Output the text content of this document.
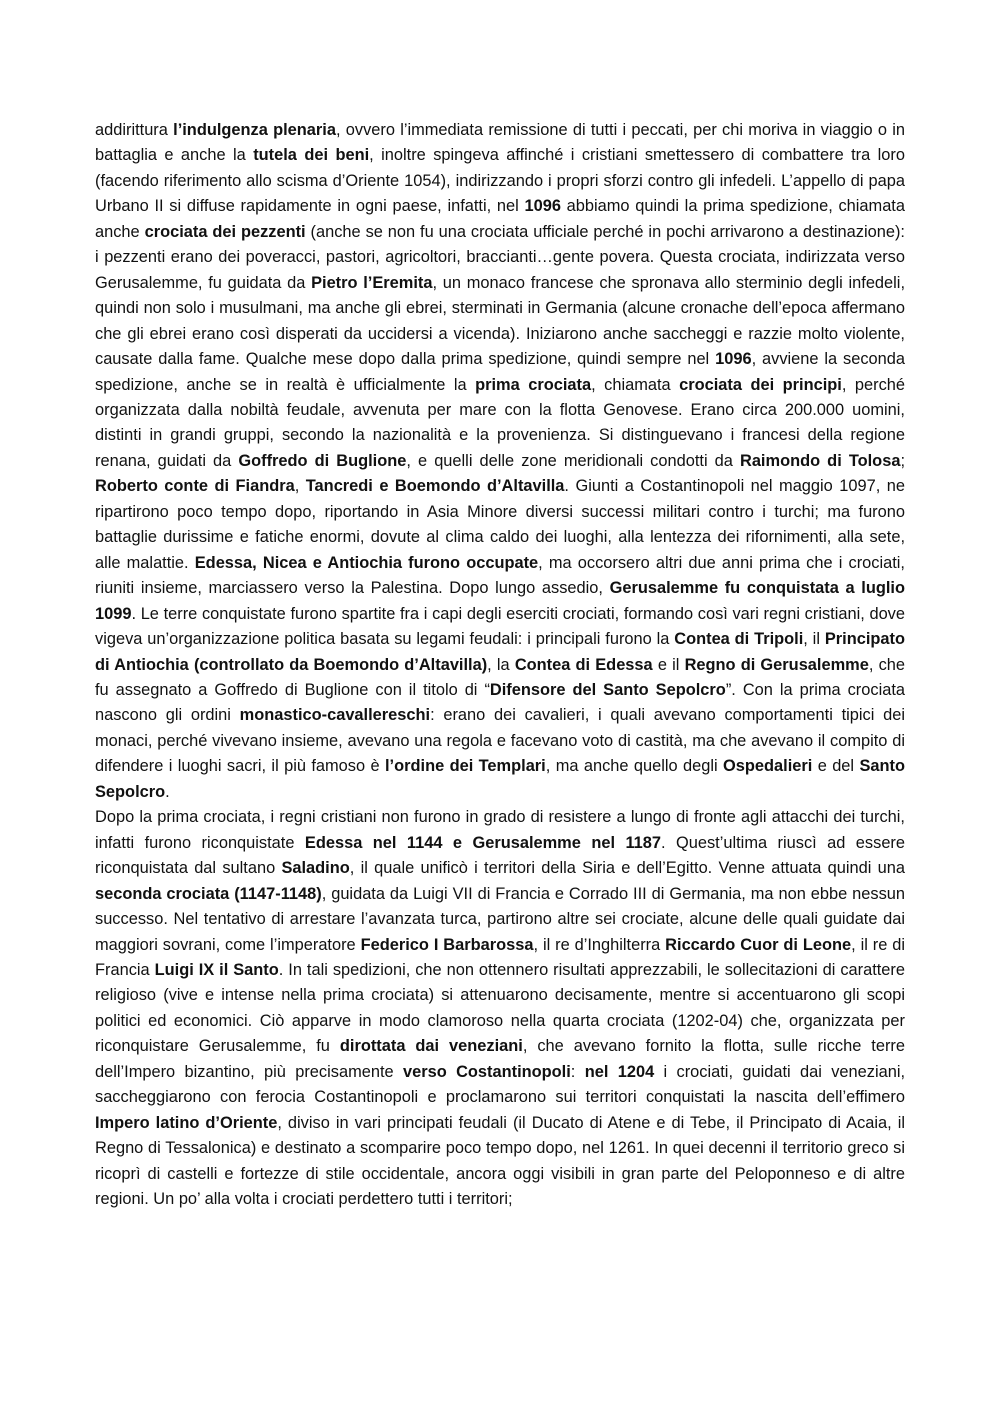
addirittura l’indulgenza plenaria, ovvero l’immediata remissione di tutti i peccati, per chi moriva in viaggio o in battaglia e anche la tutela dei beni, inoltre spingeva affinché i cristiani smettessero di combattere tra loro (facendo riferimento allo scisma d’Oriente 1054), indirizzando i propri sforzi contro gli infedeli. L’appello di papa Urbano II si diffuse rapidamente in ogni paese, infatti, nel 1096 abbiamo quindi la prima spedizione, chiamata anche crociata dei pezzenti (anche se non fu una crociata ufficiale perché in pochi arrivarono a destinazione): i pezzenti erano dei poveracci, pastori, agricoltori, braccianti…gente povera. Questa crociata, indirizzata verso Gerusalemme, fu guidata da Pietro l’Eremita, un monaco francese che spronava allo sterminio degli infedeli, quindi non solo i musulmani, ma anche gli ebrei, sterminati in Germania (alcune cronache dell’epoca affermano che gli ebrei erano così disperati da uccidersi a vicenda). Iniziarono anche saccheggi e razzie molto violente, causate dalla fame. Qualche mese dopo dalla prima spedizione, quindi sempre nel 1096, avviene la seconda spedizione, anche se in realtà è ufficialmente la prima crociata, chiamata crociata dei principi, perché organizzata dalla nobiltà feudale, avvenuta per mare con la flotta Genovese. Erano circa 200.000 uomini, distinti in grandi gruppi, secondo la nazionalità e la provenienza. Si distinguevano i francesi della regione renana, guidati da Goffredo di Buglione, e quelli delle zone meridionali condotti da Raimondo di Tolosa; Roberto conte di Fiandra, Tancredi e Boemondo d’Altavilla. Giunti a Costantinopoli nel maggio 1097, ne ripartirono poco tempo dopo, riportando in Asia Minore diversi successi militari contro i turchi; ma furono battaglie durissime e fatiche enormi, dovute al clima caldo dei luoghi, alla lentezza dei rifornimenti, alla sete, alle malattie. Edessa, Nicea e Antiochia furono occupate, ma occorsero altri due anni prima che i crociati, riuniti insieme, marciassero verso la Palestina. Dopo lungo assedio, Gerusalemme fu conquistata a luglio 1099. Le terre conquistate furono spartite fra i capi degli eserciti crociati, formando così vari regni cristiani, dove vigeva un’organizzazione politica basata su legami feudali: i principali furono la Contea di Tripoli, il Principato di Antiochia (controllato da Boemondo d’Altavilla), la Contea di Edessa e il Regno di Gerusalemme, che fu assegnato a Goffredo di Buglione con il titolo di “Difensore del Santo Sepolcro”. Con la prima crociata nascono gli ordini monastico-cavallereschi: erano dei cavalieri, i quali avevano comportamenti tipici dei monaci, perché vivevano insieme, avevano una regola e facevano voto di castità, ma che avevano il compito di difendere i luoghi sacri, il più famoso è l’ordine dei Templari, ma anche quello degli Ospedalieri e del Santo Sepolcro.

Dopo la prima crociata, i regni cristiani non furono in grado di resistere a lungo di fronte agli attacchi dei turchi, infatti furono riconquistate Edessa nel 1144 e Gerusalemme nel 1187. Quest’ultima riuscì ad essere riconquistata dal sultano Saladino, il quale unificò i territori della Siria e dell’Egitto. Venne attuata quindi una seconda crociata (1147-1148), guidata da Luigi VII di Francia e Corrado III di Germania, ma non ebbe nessun successo. Nel tentativo di arrestare l’avanzata turca, partirono altre sei crociate, alcune delle quali guidate dai maggiori sovrani, come l’imperatore Federico I Barbarossa, il re d’Inghilterra Riccardo Cuor di Leone, il re di Francia Luigi IX il Santo. In tali spedizioni, che non ottennero risultati apprezzabili, le sollecitazioni di carattere religioso (vive e intense nella prima crociata) si attenuarono decisamente, mentre si accentuarono gli scopi politici ed economici. Ciò apparve in modo clamoroso nella quarta crociata (1202-04) che, organizzata per riconquistare Gerusalemme, fu dirottata dai veneziani, che avevano fornito la flotta, sulle ricche terre dell’Impero bizantino, più precisamente verso Costantinopoli: nel 1204 i crociati, guidati dai veneziani, saccheggiarono con ferocia Costantinopoli e proclamarono sui territori conquistati la nascita dell’effimero Impero latino d’Oriente, diviso in vari principati feudali (il Ducato di Atene e di Tebe, il Principato di Acaia, il Regno di Tessalonica) e destinato a scomparire poco tempo dopo, nel 1261. In quei decenni il territorio greco si ricoprì di castelli e fortezze di stile occidentale, ancora oggi visibili in gran parte del Peloponneso e di altre regioni. Un po’ alla volta i crociati perdettero tutti i territori;
